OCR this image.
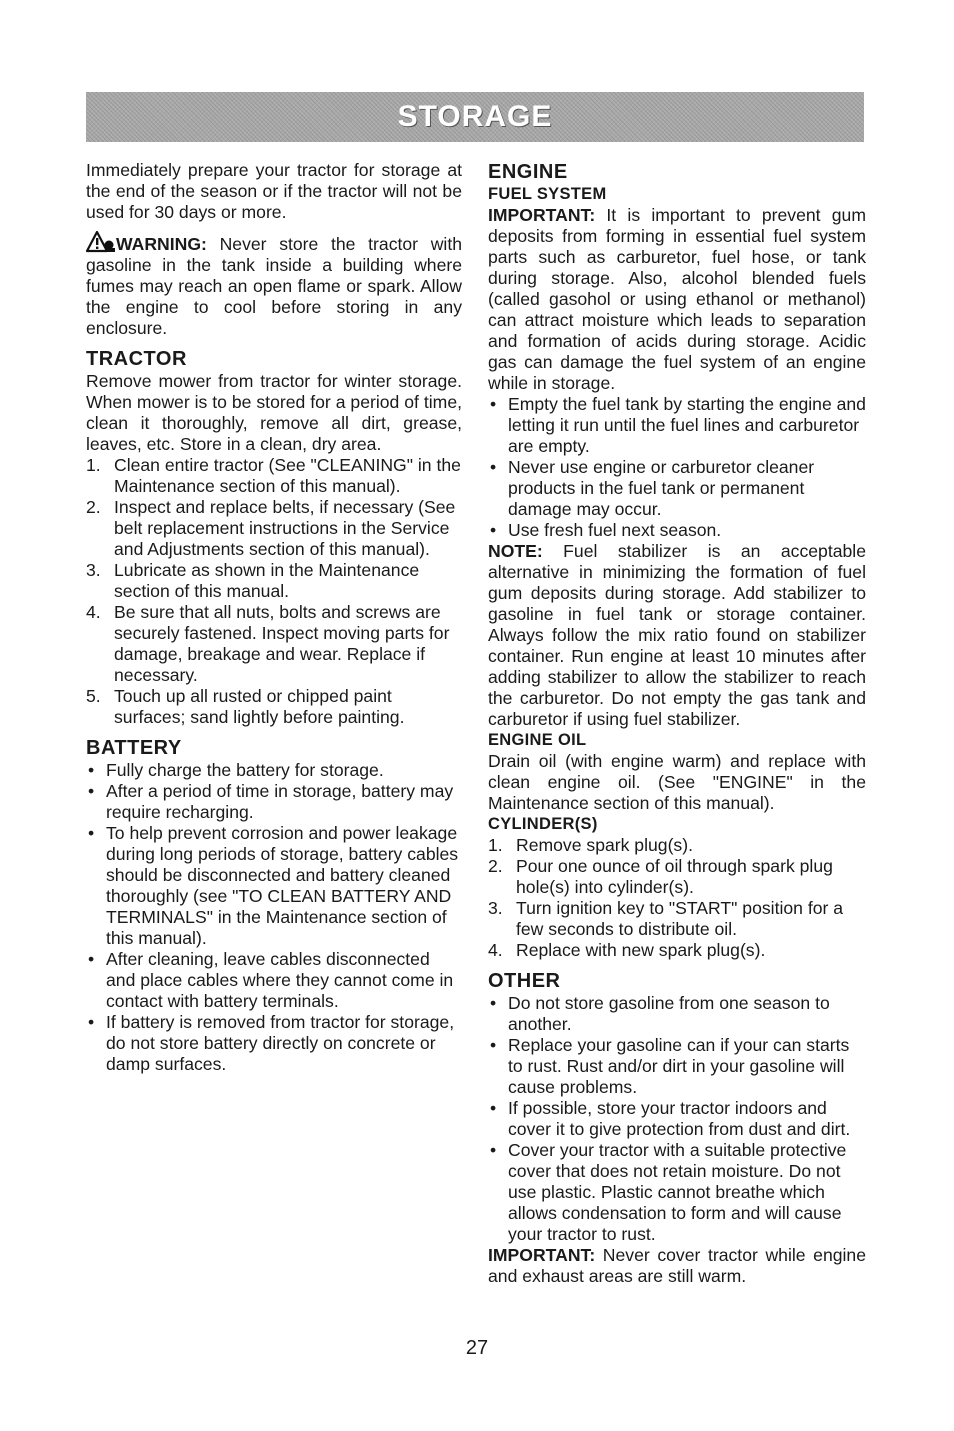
STORAGE

Immediately prepare your tractor for storage at the end of the season or if the tractor will not be used for 30 days or more.

WARNING: Never store the tractor with gasoline in the tank inside a building where fumes may reach an open flame or spark. Allow the engine to cool before storing in any enclosure.

TRACTOR

Remove mower from tractor for winter storage. When mower is to be stored for a period of time, clean it thoroughly, remove all dirt, grease, leaves, etc. Store in a clean, dry area.

1. Clean entire tractor (See "CLEANING" in the Maintenance section of this manual).
2. Inspect and replace belts, if necessary (See belt replacement instructions in the Service and Adjustments section of this manual).
3. Lubricate as shown in the Maintenance section of this manual.
4. Be sure that all nuts, bolts and screws are securely fastened. Inspect moving parts for damage, breakage and wear. Replace if necessary.
5. Touch up all rusted or chipped paint surfaces; sand lightly before painting.
BATTERY
• Fully charge the battery for storage.
• After a period of time in storage, battery may require recharging.
• To help prevent corrosion and power leakage during long periods of storage, battery cables should be disconnected and battery cleaned thoroughly (see "TO CLEAN BATTERY AND TERMINALS" in the Maintenance section of this manual).
• After cleaning, leave cables disconnected and place cables where they cannot come in contact with battery terminals.
• If battery is removed from tractor for storage, do not store battery directly on concrete or damp surfaces.
ENGINE
FUEL SYSTEM

IMPORTANT: It is important to prevent gum deposits from forming in essential fuel system parts such as carburetor, fuel hose, or tank during storage. Also, alcohol blended fuels (called gasohol or using ethanol or methanol) can attract moisture which leads to separation and formation of acids during storage. Acidic gas can damage the fuel system of an engine while in storage.

• Empty the fuel tank by starting the engine and letting it run until the fuel lines and carburetor are empty.
• Never use engine or carburetor cleaner products in the fuel tank or permanent damage may occur.
• Use fresh fuel next season.

NOTE: Fuel stabilizer is an acceptable alternative in minimizing the formation of fuel gum deposits during storage. Add stabilizer to gasoline in fuel tank or storage container. Always follow the mix ratio found on stabilizer container. Run engine at least 10 minutes after adding stabilizer to allow the stabilizer to reach the carburetor. Do not empty the gas tank and carburetor if using fuel stabilizer.

ENGINE OIL

Drain oil (with engine warm) and replace with clean engine oil. (See "ENGINE" in the Maintenance section of this manual).

CYLINDER(S)
1. Remove spark plug(s).
2. Pour one ounce of oil through spark plug hole(s) into cylinder(s).
3. Turn ignition key to "START" position for a few seconds to distribute oil.
4. Replace with new spark plug(s).
OTHER
• Do not store gasoline from one season to another.
• Replace your gasoline can if your can starts to rust. Rust and/or dirt in your gasoline will cause problems.
• If possible, store your tractor indoors and cover it to give protection from dust and dirt.
• Cover your tractor with a suitable protective cover that does not retain moisture. Do not use plastic. Plastic cannot breathe which allows condensation to form and will cause your tractor to rust.

IMPORTANT: Never cover tractor while engine and exhaust areas are still warm.

27
